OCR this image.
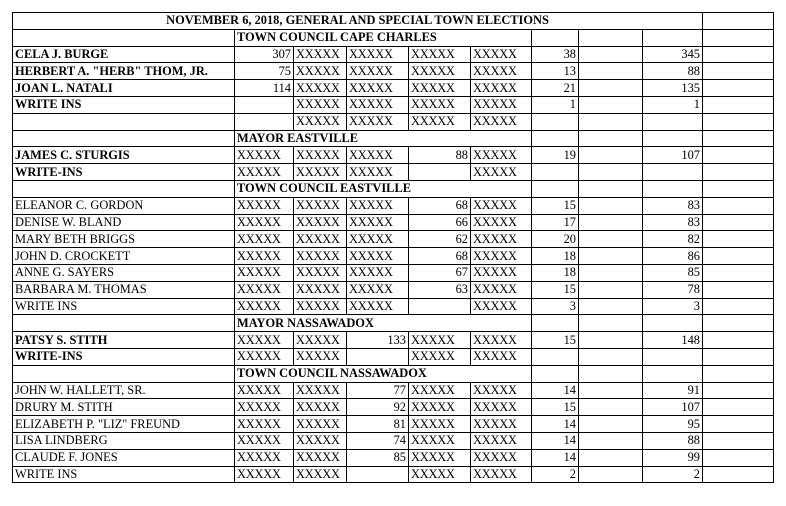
NOVEMBER 6, 2018, GENERAL AND SPECIAL TOWN ELECTIONS									
	TOWN COUNCIL CAPE CHARLES								
CELA J. BURGE	307	XXXXX	XXXXX	XXXXX	XXXXX	38		345	
HERBERT A. "HERB" THOM, JR.	75	XXXXX	XXXXX	XXXXX	XXXXX	13		88	
JOAN L. NATALI	114	XXXXX	XXXXX	XXXXX	XXXXX	21		135	
WRITE INS		XXXXX	XXXXX	XXXXX	XXXXX	1		1	
		XXXXX	XXXXX	XXXXX	XXXXX				
	MAYOR EASTVILLE								
JAMES C. STURGIS	XXXXX	XXXXX	XXXXX	88	XXXXX	19		107	
WRITE-INS	XXXXX	XXXXX	XXXXX		XXXXX				
	TOWN COUNCIL EASTVILLE								
ELEANOR C. GORDON	XXXXX	XXXXX	XXXXX	68	XXXXX	15		83	
DENISE W. BLAND	XXXXX	XXXXX	XXXXX	66	XXXXX	17		83	
MARY BETH BRIGGS	XXXXX	XXXXX	XXXXX	62	XXXXX	20		82	
JOHN D. CROCKETT	XXXXX	XXXXX	XXXXX	68	XXXXX	18		86	
ANNE G. SAYERS	XXXXX	XXXXX	XXXXX	67	XXXXX	18		85	
BARBARA M. THOMAS	XXXXX	XXXXX	XXXXX	63	XXXXX	15		78	
WRITE INS	XXXXX	XXXXX	XXXXX		XXXXX	3		3	
	MAYOR NASSAWADOX								
PATSY S. STITH	XXXXX	XXXXX	133	XXXXX	XXXXX	15		148	
WRITE-INS	XXXXX	XXXXX		XXXXX	XXXXX				
	TOWN COUNCIL NASSAWADOX								
JOHN W. HALLETT, SR.	XXXXX	XXXXX	77	XXXXX	XXXXX	14		91	
DRURY M. STITH	XXXXX	XXXXX	92	XXXXX	XXXXX	15		107	
ELIZABETH P. "LIZ" FREUND	XXXXX	XXXXX	81	XXXXX	XXXXX	14		95	
LISA LINDBERG	XXXXX	XXXXX	74	XXXXX	XXXXX	14		88	
CLAUDE F. JONES	XXXXX	XXXXX	85	XXXXX	XXXXX	14		99	
WRITE INS	XXXXX	XXXXX		XXXXX	XXXXX	2		2	
